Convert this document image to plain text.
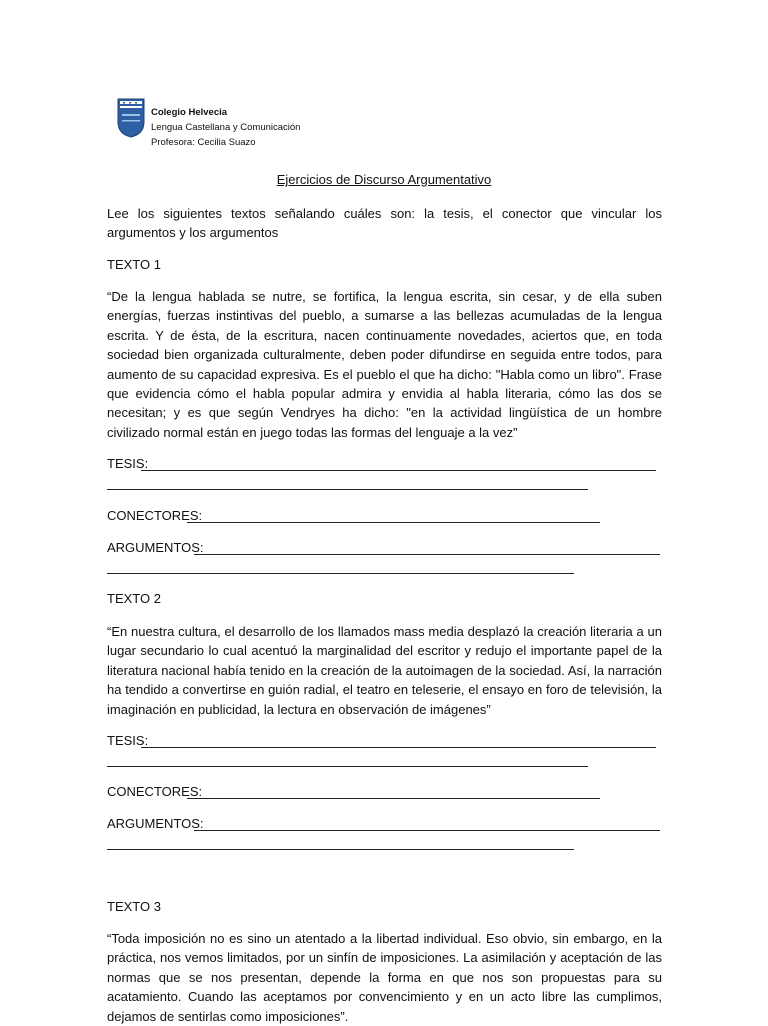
Colegio Helvecia
Lengua Castellana y Comunicación
Profesora: Cecilia Suazo
Ejercicios de Discurso Argumentativo
Lee los siguientes textos señalando cuáles son: la tesis, el conector que vincular los argumentos y los argumentos
TEXTO 1
“De la lengua hablada se nutre, se fortifica, la lengua escrita, sin cesar, y de ella suben energías, fuerzas instintivas del pueblo, a sumarse a las bellezas acumuladas de la lengua escrita. Y de ésta, de la escritura, nacen continuamente novedades, aciertos que, en toda sociedad bien organizada culturalmente, deben poder difundirse en seguida entre todos, para aumento de su capacidad expresiva. Es el pueblo el que ha dicho: "Habla como un libro". Frase que evidencia cómo el habla popular admira y envidia al habla literaria, cómo las dos se necesitan; y es que según Vendryes ha dicho: "en la actividad lingüística de un hombre civilizado normal están en juego todas las formas del lenguaje a la vez”
TESIS:
CONECTORES:
ARGUMENTOS:
TEXTO 2
“En nuestra cultura, el desarrollo de los llamados mass media desplazó la creación literaria a un lugar secundario lo cual acentuó la marginalidad del escritor y redujo el importante papel de la literatura nacional había tenido en la creación de la autoimagen de la sociedad. Así, la narración ha tendido a convertirse en guión radial, el teatro en teleserie, el ensayo en foro de televisión, la imaginación en publicidad, la lectura en observación de imágenes”
TESIS:
CONECTORES:
ARGUMENTOS:
TEXTO 3
“Toda imposición no es sino un atentado a la libertad individual. Eso obvio, sin embargo, en la práctica, nos vemos limitados, por un sinfín de imposiciones. La asimilación y aceptación de las normas que se nos presentan, depende la forma en que nos son propuestas para su acatamiento. Cuando las aceptamos por convencimiento y en un acto libre las cumplimos, dejamos de sentirlas como imposiciones”.
